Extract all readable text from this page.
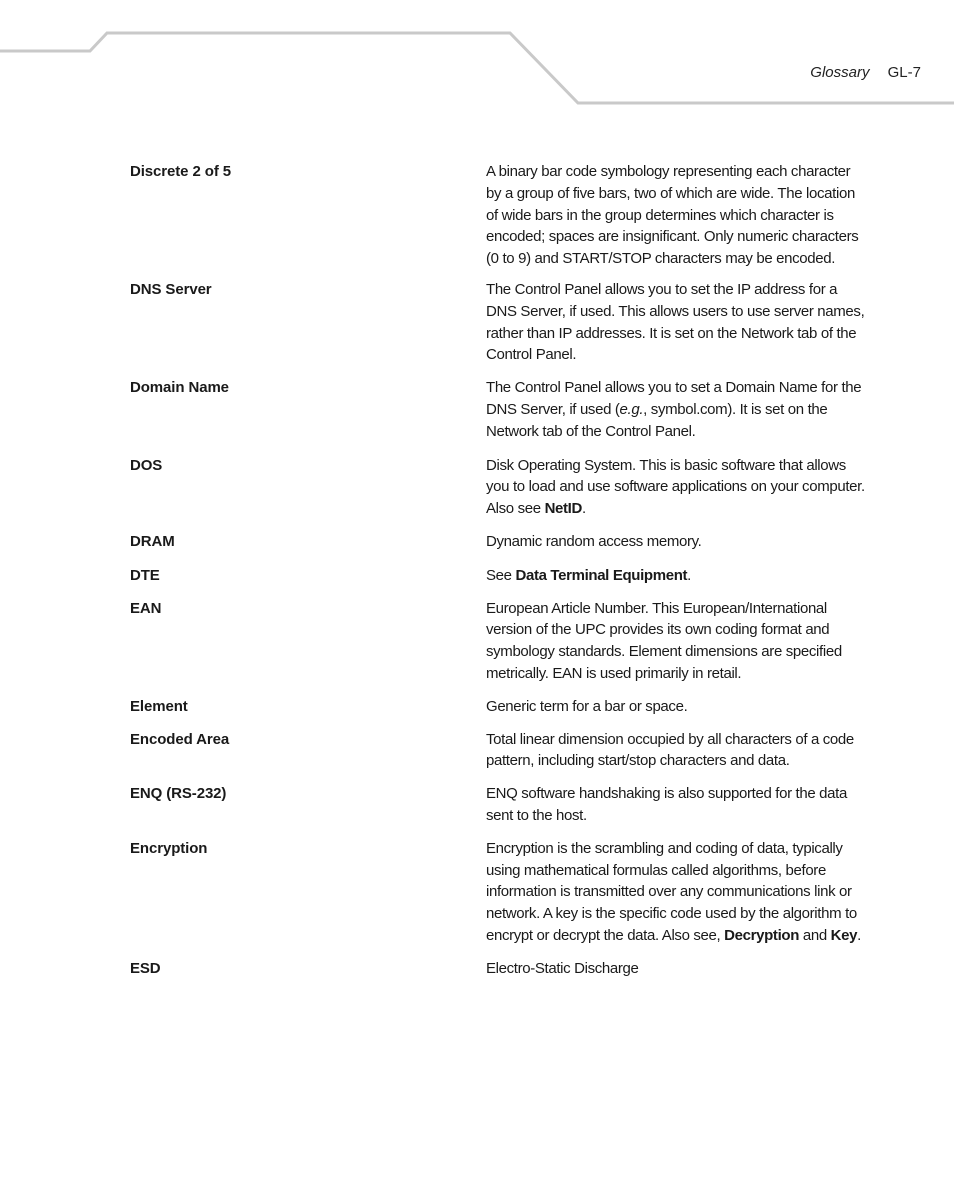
Glossary GL-7
Discrete 2 of 5	A binary bar code symbology representing each character by a group of five bars, two of which are wide. The location of wide bars in the group determines which character is encoded; spaces are insignificant. Only numeric characters (0 to 9) and START/STOP characters may be encoded.
DNS Server	The Control Panel allows you to set the IP address for a DNS Server, if used. This allows users to use server names, rather than IP addresses. It is set on the Network tab of the Control Panel.
Domain Name	The Control Panel allows you to set a Domain Name for the DNS Server, if used (e.g., symbol.com). It is set on the Network tab of the Control Panel.
DOS	Disk Operating System. This is basic software that allows you to load and use software applications on your computer. Also see NetID.
DRAM	Dynamic random access memory.
DTE	See Data Terminal Equipment.
EAN	European Article Number. This European/International version of the UPC provides its own coding format and symbology standards. Element dimensions are specified metrically. EAN is used primarily in retail.
Element	Generic term for a bar or space.
Encoded Area	Total linear dimension occupied by all characters of a code pattern, including start/stop characters and data.
ENQ (RS-232)	ENQ software handshaking is also supported for the data sent to the host.
Encryption	Encryption is the scrambling and coding of data, typically using mathematical formulas called algorithms, before information is transmitted over any communications link or network. A key is the specific code used by the algorithm to encrypt or decrypt the data. Also see, Decryption and Key.
ESD	Electro-Static Discharge
